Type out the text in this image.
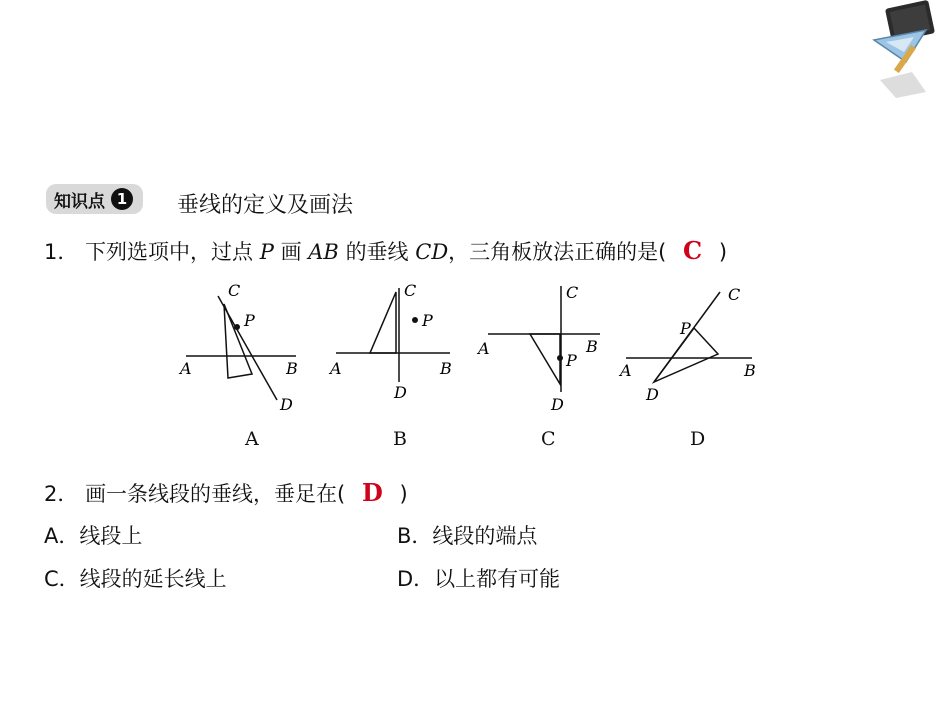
知识点 1 垂线的定义及画法
1． 下列选项中，过点 P 画 AB 的垂线 CD，三角板放法正确的是( C )
C
P
A	B
D
A
C
P
A	B
D
B
C
P
A	B
D
C
C
P
A	B
D
D
2． 画一条线段的垂线，垂足在( D )
A．线段上	B．线段的端点
C．线段的延长线上	D．以上都有可能
